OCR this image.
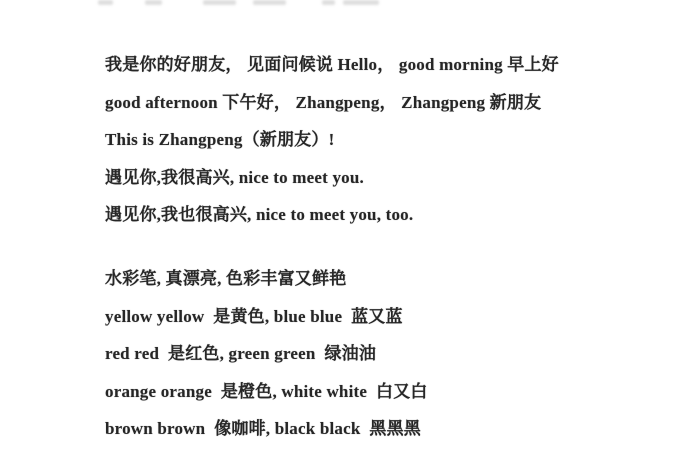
我是你的好朋友， 见面问候说 Hello， good morning 早上好

good afternoon 下午好， Zhangpeng， Zhangpeng 新朋友

This is Zhangpeng（新朋友）!

遇见你,我很高兴, nice to meet you.

遇见你,我也很高兴, nice to meet you, too.

水彩笔, 真漂亮, 色彩丰富又鲜艳

yellow yellow  是黄色, blue blue  蓝又蓝

red red  是红色, green green  绿油油

orange orange  是橙色, white white  白又白

brown brown  像咖啡, black black  黑黑黑
